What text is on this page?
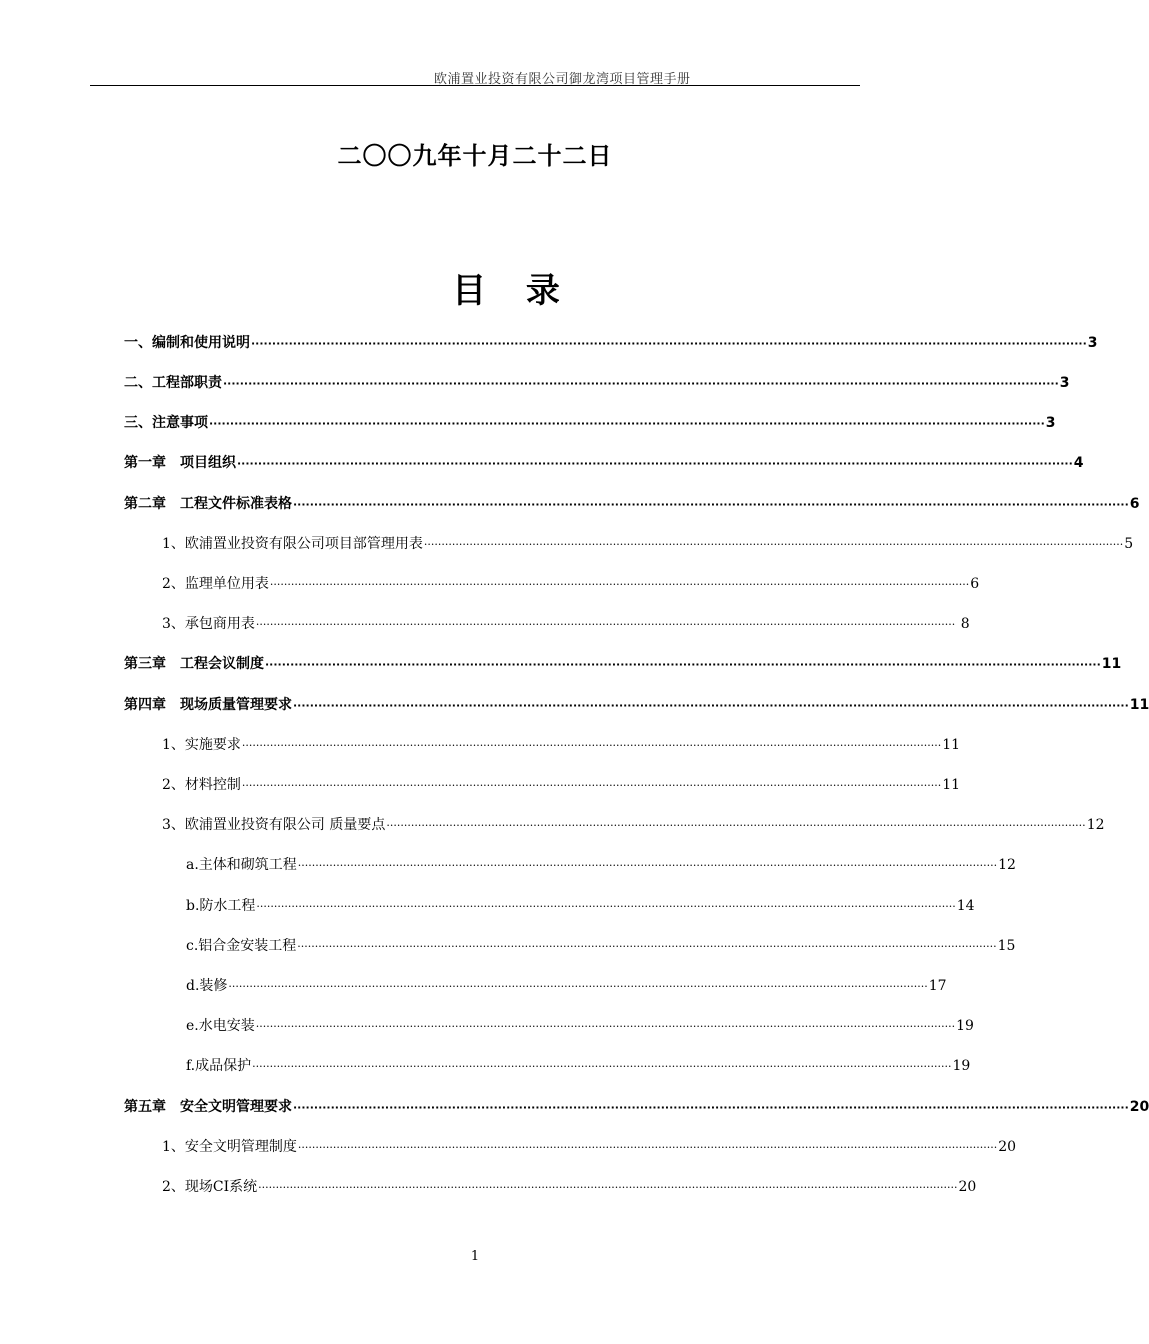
欧浦置业投资有限公司御龙湾项目管理手册
二〇〇九年十月二十二日
目 录
一、编制和使用说明 ········································································································································································································ 3
二、工程部职责 ········································································································································································································ 3
三、注意事项 ········································································································································································································ 3
第一章　项目组织 ········································································································································································································ 4
第二章　工程文件标准表格 ········································································································································································································ 6
1、欧浦置业投资有限公司项目部管理用表 ········································································································································································································ 5
2、监理单位用表 ········································································································································································································ 6
3、承包商用表 ········································································································································································································ 8
第三章　工程会议制度 ········································································································································································································ 11
第四章　现场质量管理要求 ········································································································································································································ 11
1、实施要求 ········································································································································································································ 11
2、材料控制 ········································································································································································································ 11
3、欧浦置业投资有限公司 质量要点 ········································································································································································································ 12
a.主体和砌筑工程 ········································································································································································································ 12
b.防水工程 ········································································································································································································ 14
c.铝合金安装工程 ········································································································································································································ 15
d.装修 ········································································································································································································ 17
e.水电安装 ········································································································································································································ 19
f.成品保护 ········································································································································································································ 19
第五章　安全文明管理要求 ········································································································································································································ 20
1、安全文明管理制度 ········································································································································································································ 20
2、现场CI系统 ········································································································································································································ 20
1
